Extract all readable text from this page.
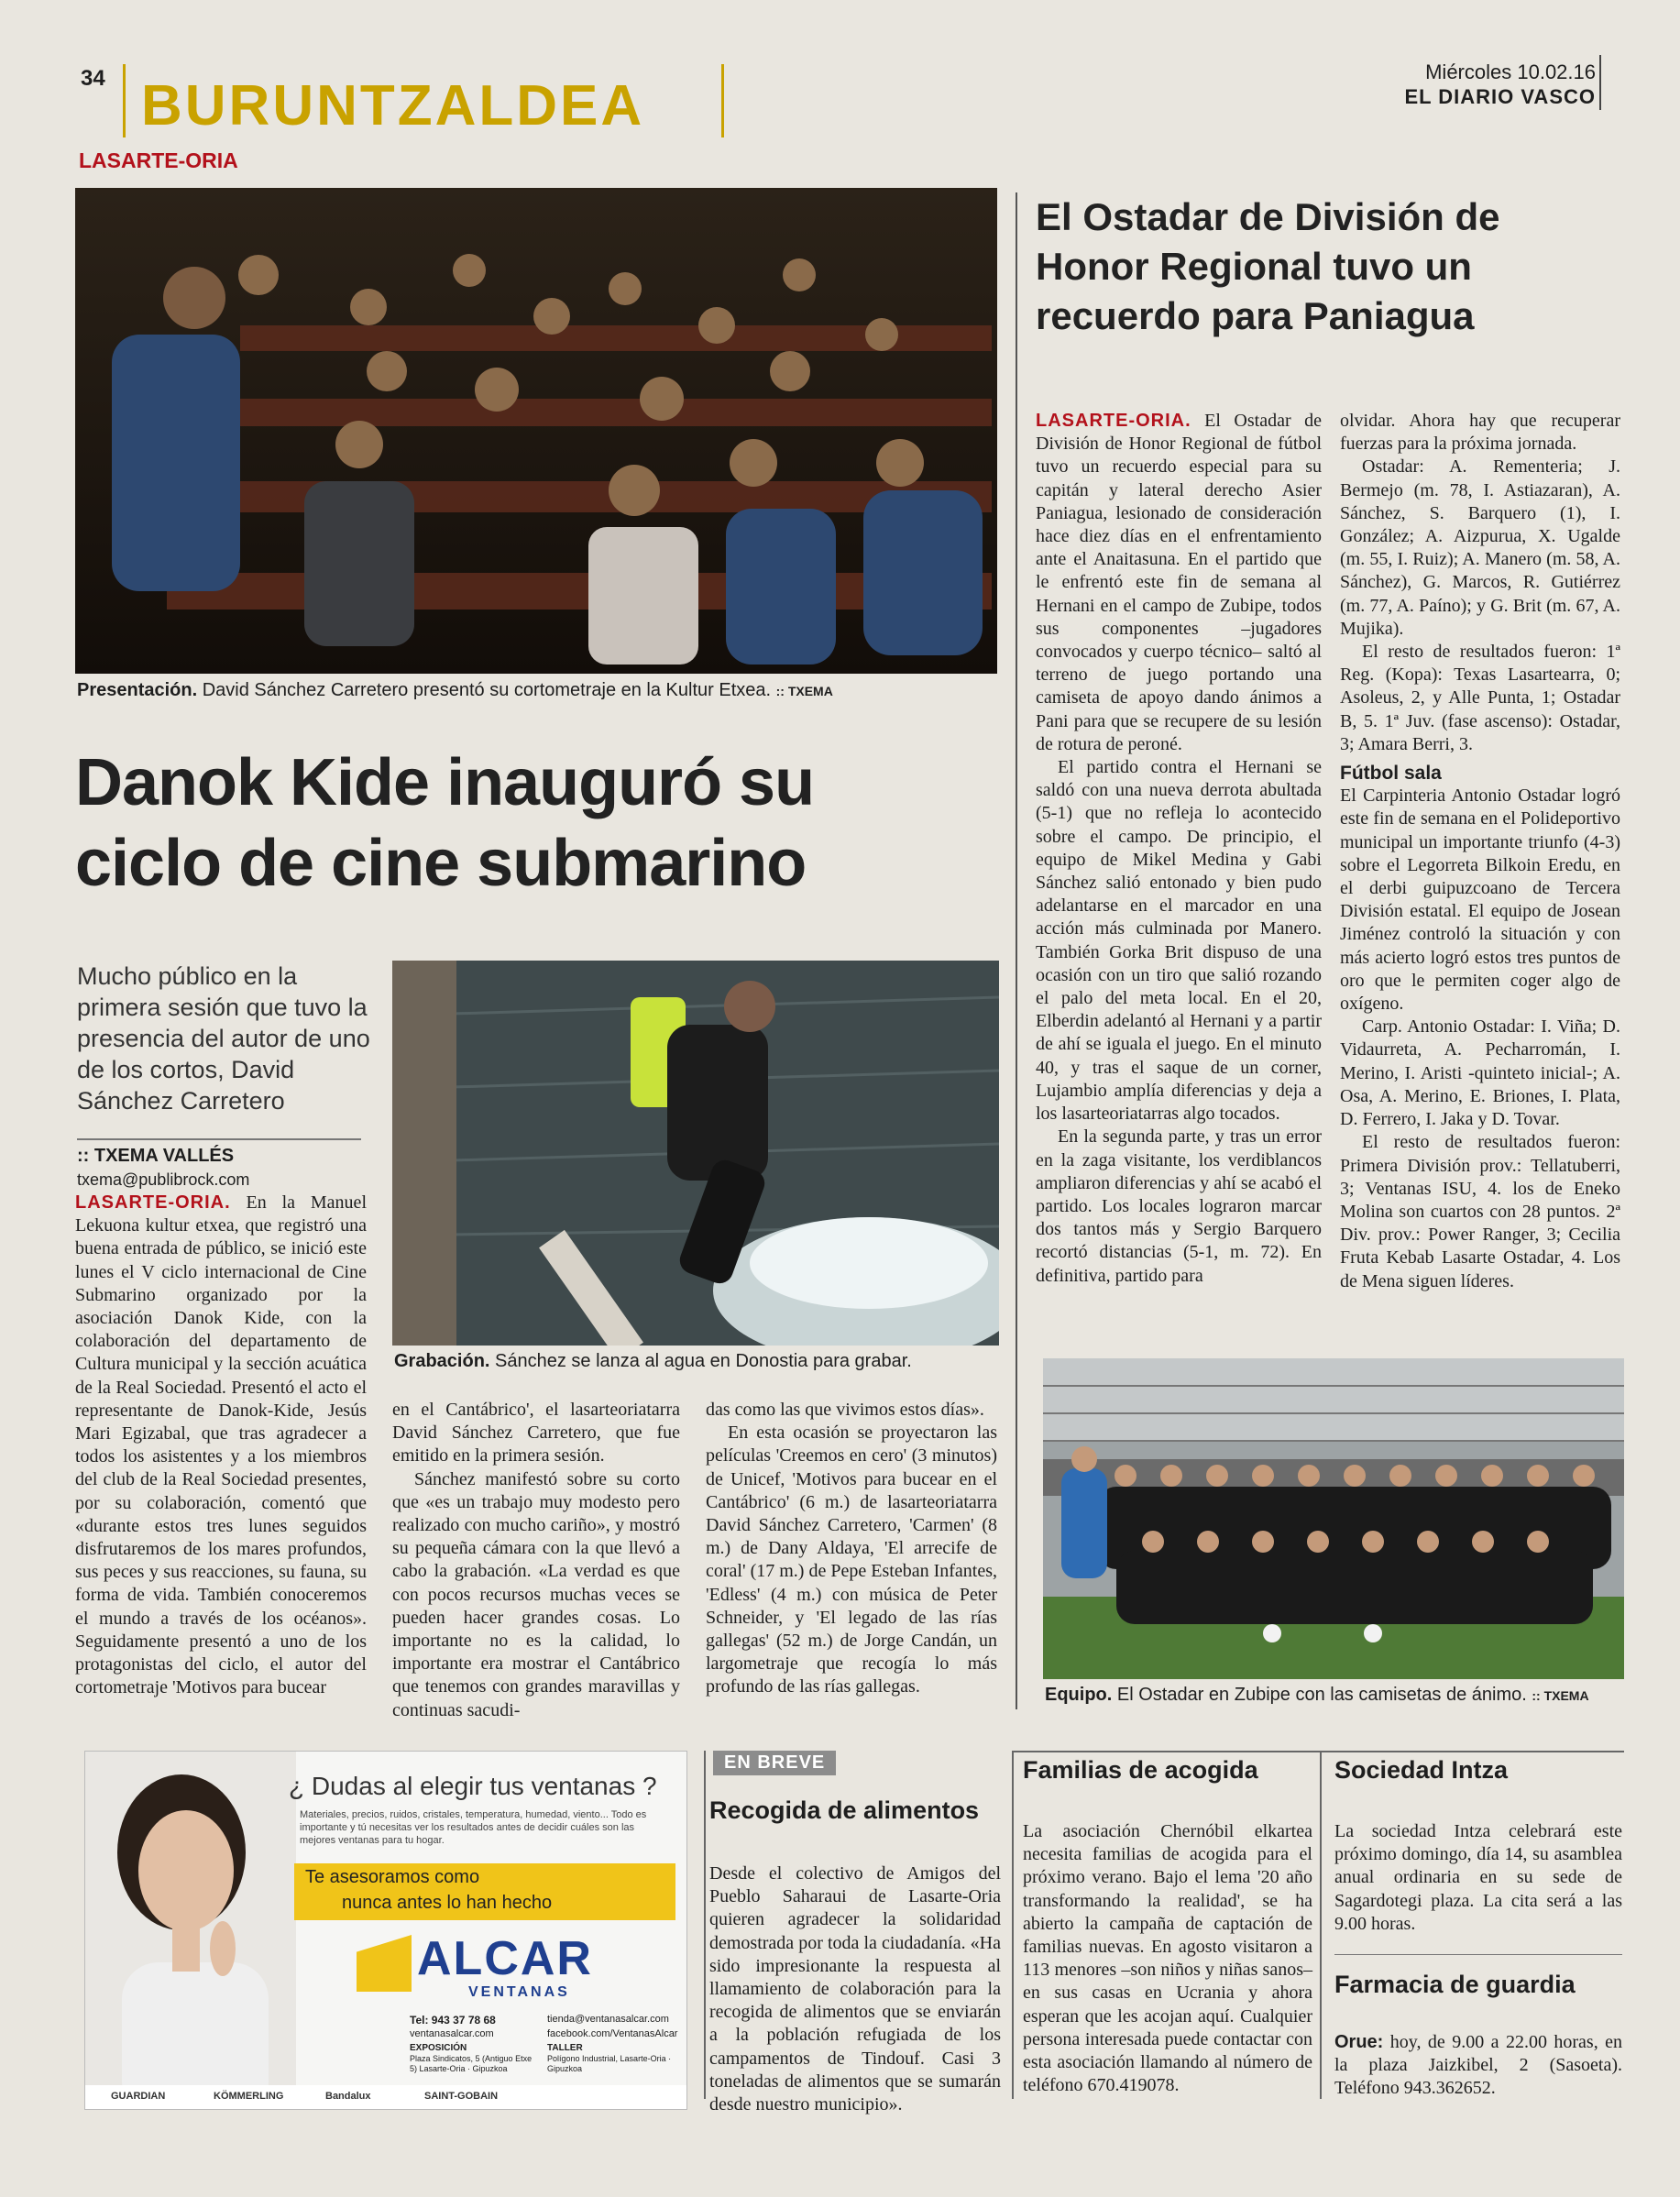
34 BURUNTZALDEA
Miércoles 10.02.16
EL DIARIO VASCO
LASARTE-ORIA
Presentación. David Sánchez Carretero presentó su cortometraje en la Kultur Etxea. :: TXEMA
Danok Kide inauguró su
ciclo de cine submarino
Mucho público en la primera sesión que tuvo la presencia del autor de uno de los cortos, David Sánchez Carretero
:: TXEMA VALLÉS
txema@publibrock.com

LASARTE-ORIA. En la Manuel Lekuona kultur etxea, que registró una buena entrada de público, se inició este lunes el V ciclo internacional de Cine Submarino organizado por la asociación Danok Kide, con la colaboración del departamento de Cultura municipal y la sección acuática de la Real Sociedad. Presentó el acto el representante de Danok-Kide, Jesús Mari Egizabal, que tras agradecer a todos los asistentes y a los miembros del club de la Real Sociedad presentes, por su colaboración, comentó que «durante estos tres lunes seguidos disfrutaremos de los mares profundos, sus peces y sus reacciones, su fauna, su forma de vida. También conoceremos el mundo a través de los océanos». Seguidamente presentó a uno de los protagonistas del ciclo, el autor del cortometraje 'Motivos para bucear

Grabación. Sánchez se lanza al agua en Donostia para grabar.

en el Cantábrico', el lasarteoriatarra David Sánchez Carretero, que fue emitido en la primera sesión.

Sánchez manifestó sobre su corto que «es un trabajo muy modesto pero realizado con mucho cariño», y mostró su pequeña cámara con la que llevó a cabo la grabación. «La verdad es que con pocos recursos muchas veces se pueden hacer grandes cosas. Lo importante no es la calidad, lo importante era mostrar el Cantábrico que tenemos con grandes maravillas y continuas sacudi-

das como las que vivimos estos días».

En esta ocasión se proyectaron las películas 'Creemos en cero' (3 minutos) de Unicef, 'Motivos para bucear en el Cantábrico' (6 m.) de lasarteoriatarra David Sánchez Carretero, 'Carmen' (8 m.) de Dany Aldaya, 'El arrecife de coral' (17 m.) de Pepe Esteban Infantes, 'Edless' (4 m.) con música de Peter Schneider, y 'El legado de las rías gallegas' (52 m.) de Jorge Candán, un largometraje que recogía lo más profundo de las rías gallegas.

El Ostadar de División de
Honor Regional tuvo un
recuerdo para Paniagua

LASARTE-ORIA. El Ostadar de División de Honor Regional de fútbol tuvo un recuerdo especial para su capitán y lateral derecho Asier Paniagua, lesionado de consideración hace diez días en el enfrentamiento ante el Anaitasuna. En el partido que le enfrentó este fin de semana al Hernani en el campo de Zubipe, todos sus componentes –jugadores convocados y cuerpo técnico– saltó al terreno de juego portando una camiseta de apoyo dando ánimos a Pani para que se recupere de su lesión de rotura de peroné.

El partido contra el Hernani se saldó con una nueva derrota abultada (5-1) que no refleja lo acontecido sobre el campo. De principio, el equipo de Mikel Medina y Gabi Sánchez salió entonado y bien pudo adelantarse en el marcador en una acción más culminada por Manero. También Gorka Brit dispuso de una ocasión con un tiro que salió rozando el palo del meta local. En el 20, Elberdin adelantó al Hernani y a partir de ahí se iguala el juego. En el minuto 40, y tras el saque de un corner, Lujambio amplía diferencias y deja a los lasarteoriatarras algo tocados.

En la segunda parte, y tras un error en la zaga visitante, los verdiblancos ampliaron diferencias y ahí se acabó el partido. Los locales lograron marcar dos tantos más y Sergio Barquero recortó distancias (5-1, m. 72). En definitiva, partido para

olvidar. Ahora hay que recuperar fuerzas para la próxima jornada.

Ostadar: A. Rementeria; J. Bermejo (m. 78, I. Astiazaran), A. Sánchez, S. Barquero (1), I. González; A. Aizpurua, X. Ugalde (m. 55, I. Ruiz); A. Manero (m. 58, A. Sánchez), G. Marcos, R. Gutiérrez (m. 77, A. Paíno); y G. Brit (m. 67, A. Mujika).

El resto de resultados fueron: 1ª Reg. (Kopa): Texas Lasartearra, 0; Asoleus, 2, y Alle Punta, 1; Ostadar B, 5. 1ª Juv. (fase ascenso): Ostadar, 3; Amara Berri, 3.

Fútbol sala

El Carpinteria Antonio Ostadar logró este fin de semana en el Polideportivo municipal un importante triunfo (4-3) sobre el Legorreta Bilkoin Eredu, en el derbi guipuzcoano de Tercera División estatal. El equipo de Josean Jiménez controló la situación y con más acierto logró estos tres puntos de oro que le permiten coger algo de oxígeno.

Carp. Antonio Ostadar: I. Viña; D. Vidaurreta, A. Pecharromán, I. Merino, I. Aristi -quinteto inicial-; A. Osa, A. Merino, E. Briones, I. Plata, D. Ferrero, I. Jaka y D. Tovar.

El resto de resultados fueron: Primera División prov.: Tellatuberri, 3; Ventanas ISU, 4. los de Eneko Molina son cuartos con 28 puntos. 2ª Div. prov.: Power Ranger, 3; Cecilia Fruta Kebab Lasarte Ostadar, 4. Los de Mena siguen líderes.

Equipo. El Ostadar en Zubipe con las camisetas de ánimo. :: TXEMA
¿ Dudas al elegir tus ventanas ?
Materiales, precios, ruidos, cristales, temperatura, humedad, viento... Todo es importante y tú necesitas ver los resultados antes de decidir cuáles son las mejores ventanas para tu hogar.
Te asesoramos como
nunca antes lo han hecho
ALCAR
VENTANAS
Tel: 943 37 78 68
ventanasalcar.com
tienda@ventanasalcar.com
facebook.com/VentanasAlcar
EXPOSICIÓN
Plaza Sindicatos, 5 (Antiguo Etxe 5) Lasarte-Oria · Gipuzkoa
TALLER
Polígono Industrial, Lasarte-Oria · Gipuzkoa
GUARDIAN	KÖMMERLING	Bandalux	SAINT-GOBAIN
EN BREVE
Recogida de alimentos
Desde el colectivo de Amigos del Pueblo Saharaui de Lasarte-Oria quieren agradecer la solidaridad demostrada por toda la ciudadanía. «Ha sido impresionante la respuesta al llamamiento de colaboración para la recogida de alimentos que se enviarán a la población refugiada de los campamentos de Tindouf. Casi 3 toneladas de alimentos que se sumarán desde nuestro municipio».
Familias de acogida
La asociación Chernóbil elkartea necesita familias de acogida para el próximo verano. Bajo el lema '20 año transformando la realidad', se ha abierto la campaña de captación de familias nuevas. En agosto visitaron a 113 menores –son niños y niñas sanos– en sus casas en Ucrania y ahora esperan que les acojan aquí. Cualquier persona interesada puede contactar con esta asociación llamando al número de teléfono 670.419078.
Sociedad Intza
La sociedad Intza celebrará este próximo domingo, día 14, su asamblea anual ordinaria en su sede de Sagardotegi plaza. La cita será a las 9.00 horas.
Farmacia de guardia
Orue: hoy, de 9.00 a 22.00 horas, en la plaza Jaizkibel, 2 (Sasoeta). Teléfono 943.362652.
